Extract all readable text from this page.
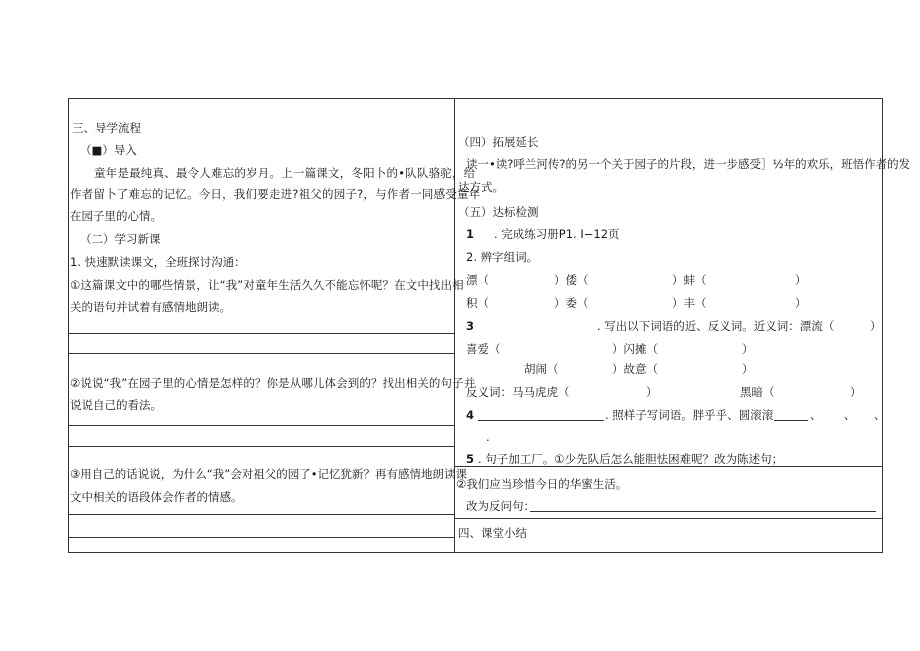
三、导学流程
（■）导入
童年是最纯真、最令人难忘的岁月。上一篇课文，冬阳卜的•队队骆驼，给
作者留卜了难忘的记忆。今日，我们要走进?祖父的园子?，与作者一同感受童年
在园子里的心情。
（二）学习新课
1. 快速默读课文，全班探讨沟通：
①这篇课文中的哪些情景，让“我”对童年生活久久不能忘怀呢？在文中找出相
关的语句并试着有感情地朗读。
②说说“我”在园子里的心情是怎样的？你是从哪儿体会到的？找出相关的句子并
说说自己的看法。
③用自己的话说说，为什么“我”会对祖父的园了•记忆犹新？再有感情地朗读课
文中相关的语段体会作者的情感。
（四）拓展延长
读一•读?呼兰河传?的另一个关于园子的片段，进一步感受］½年的欢乐，班悟作者的发
达方式。
（五）达标检测
1 . 完成练习册P1. I−12页
2. 辨字组词。
漂（	）倭（	）蚌（	）
积（	）委（	）丰（	）
3	. 写出以下词语的近、反义词。近义词：漂流（	）
喜爱（	）闪摊（	）
胡闹（	）故意（	）
反义词：马马虎虎（	）	黑暗（	）
4	. 照样子写词语。胖乎乎、圆滚滚	、 、 、
.
5 . 句子加工厂。①少先队后怎么能胆怯困难呢？改为陈述句；
②我们应当珍惜今日的华蜜生活。
改为反问句：
四、课堂小结
